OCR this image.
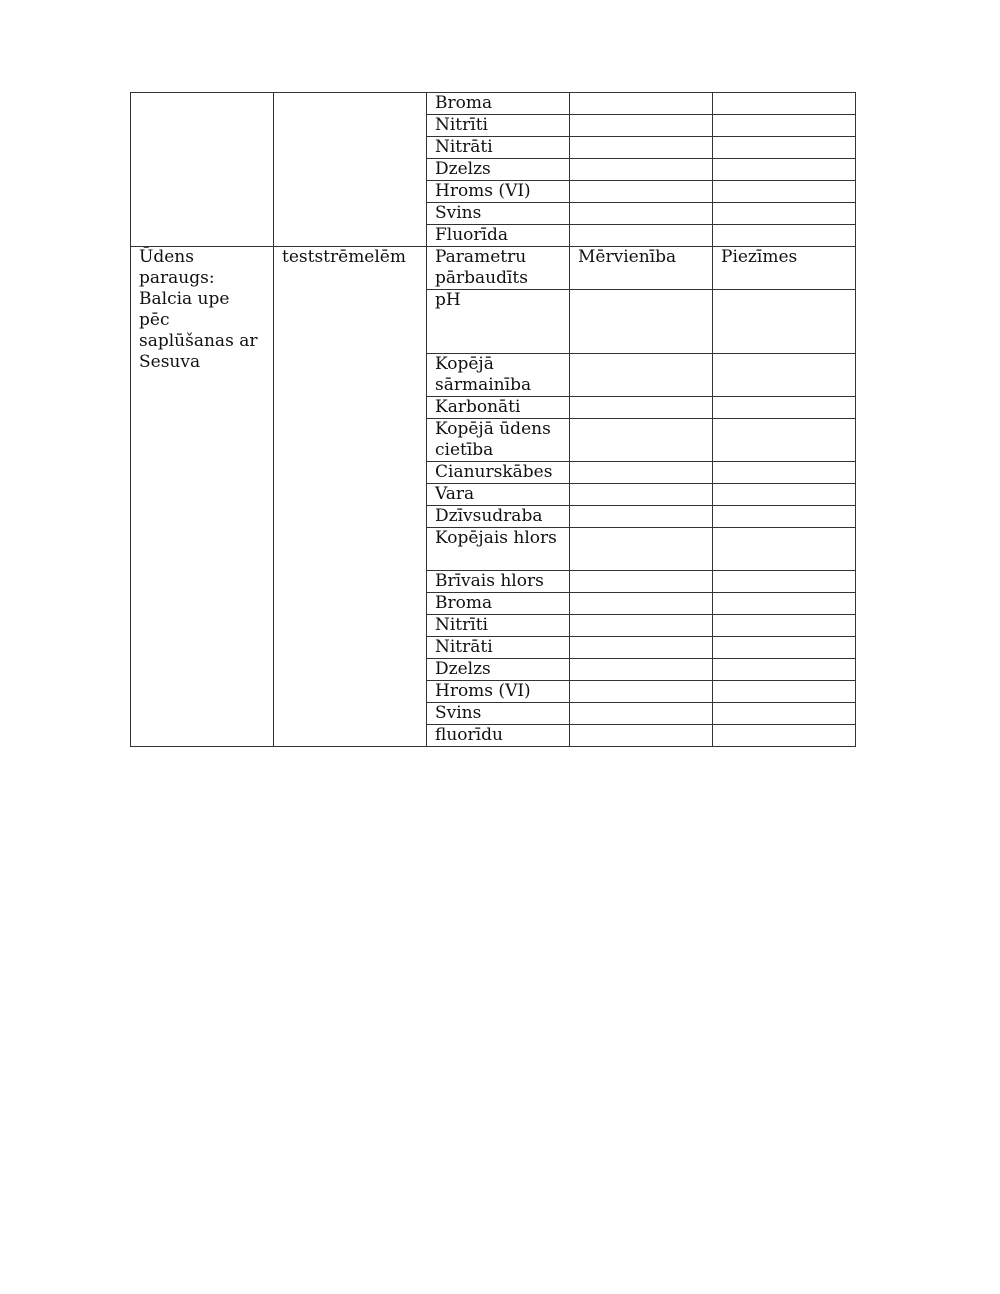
		Broma		
		Nitrīti		
		Nitrāti		
		Dzelzs		
		Hroms (VI)		
		Svins		
		Fluorīda		
Ūdens paraugs: Balcia upe pēc saplūšanas ar Sesuva	teststrēmelēm	Parametru pārbaudīts	Mērvienība	Piezīmes
		pH		
		Kopējā sārmainība		
		Karbonāti		
		Kopējā ūdens cietība		
		Cianurskābes		
		Vara		
		Dzīvsudraba		
		Kopējais hlors		
		Brīvais hlors		
		Broma		
		Nitrīti		
		Nitrāti		
		Dzelzs		
		Hroms (VI)		
		Svins		
		fluorīdu		
